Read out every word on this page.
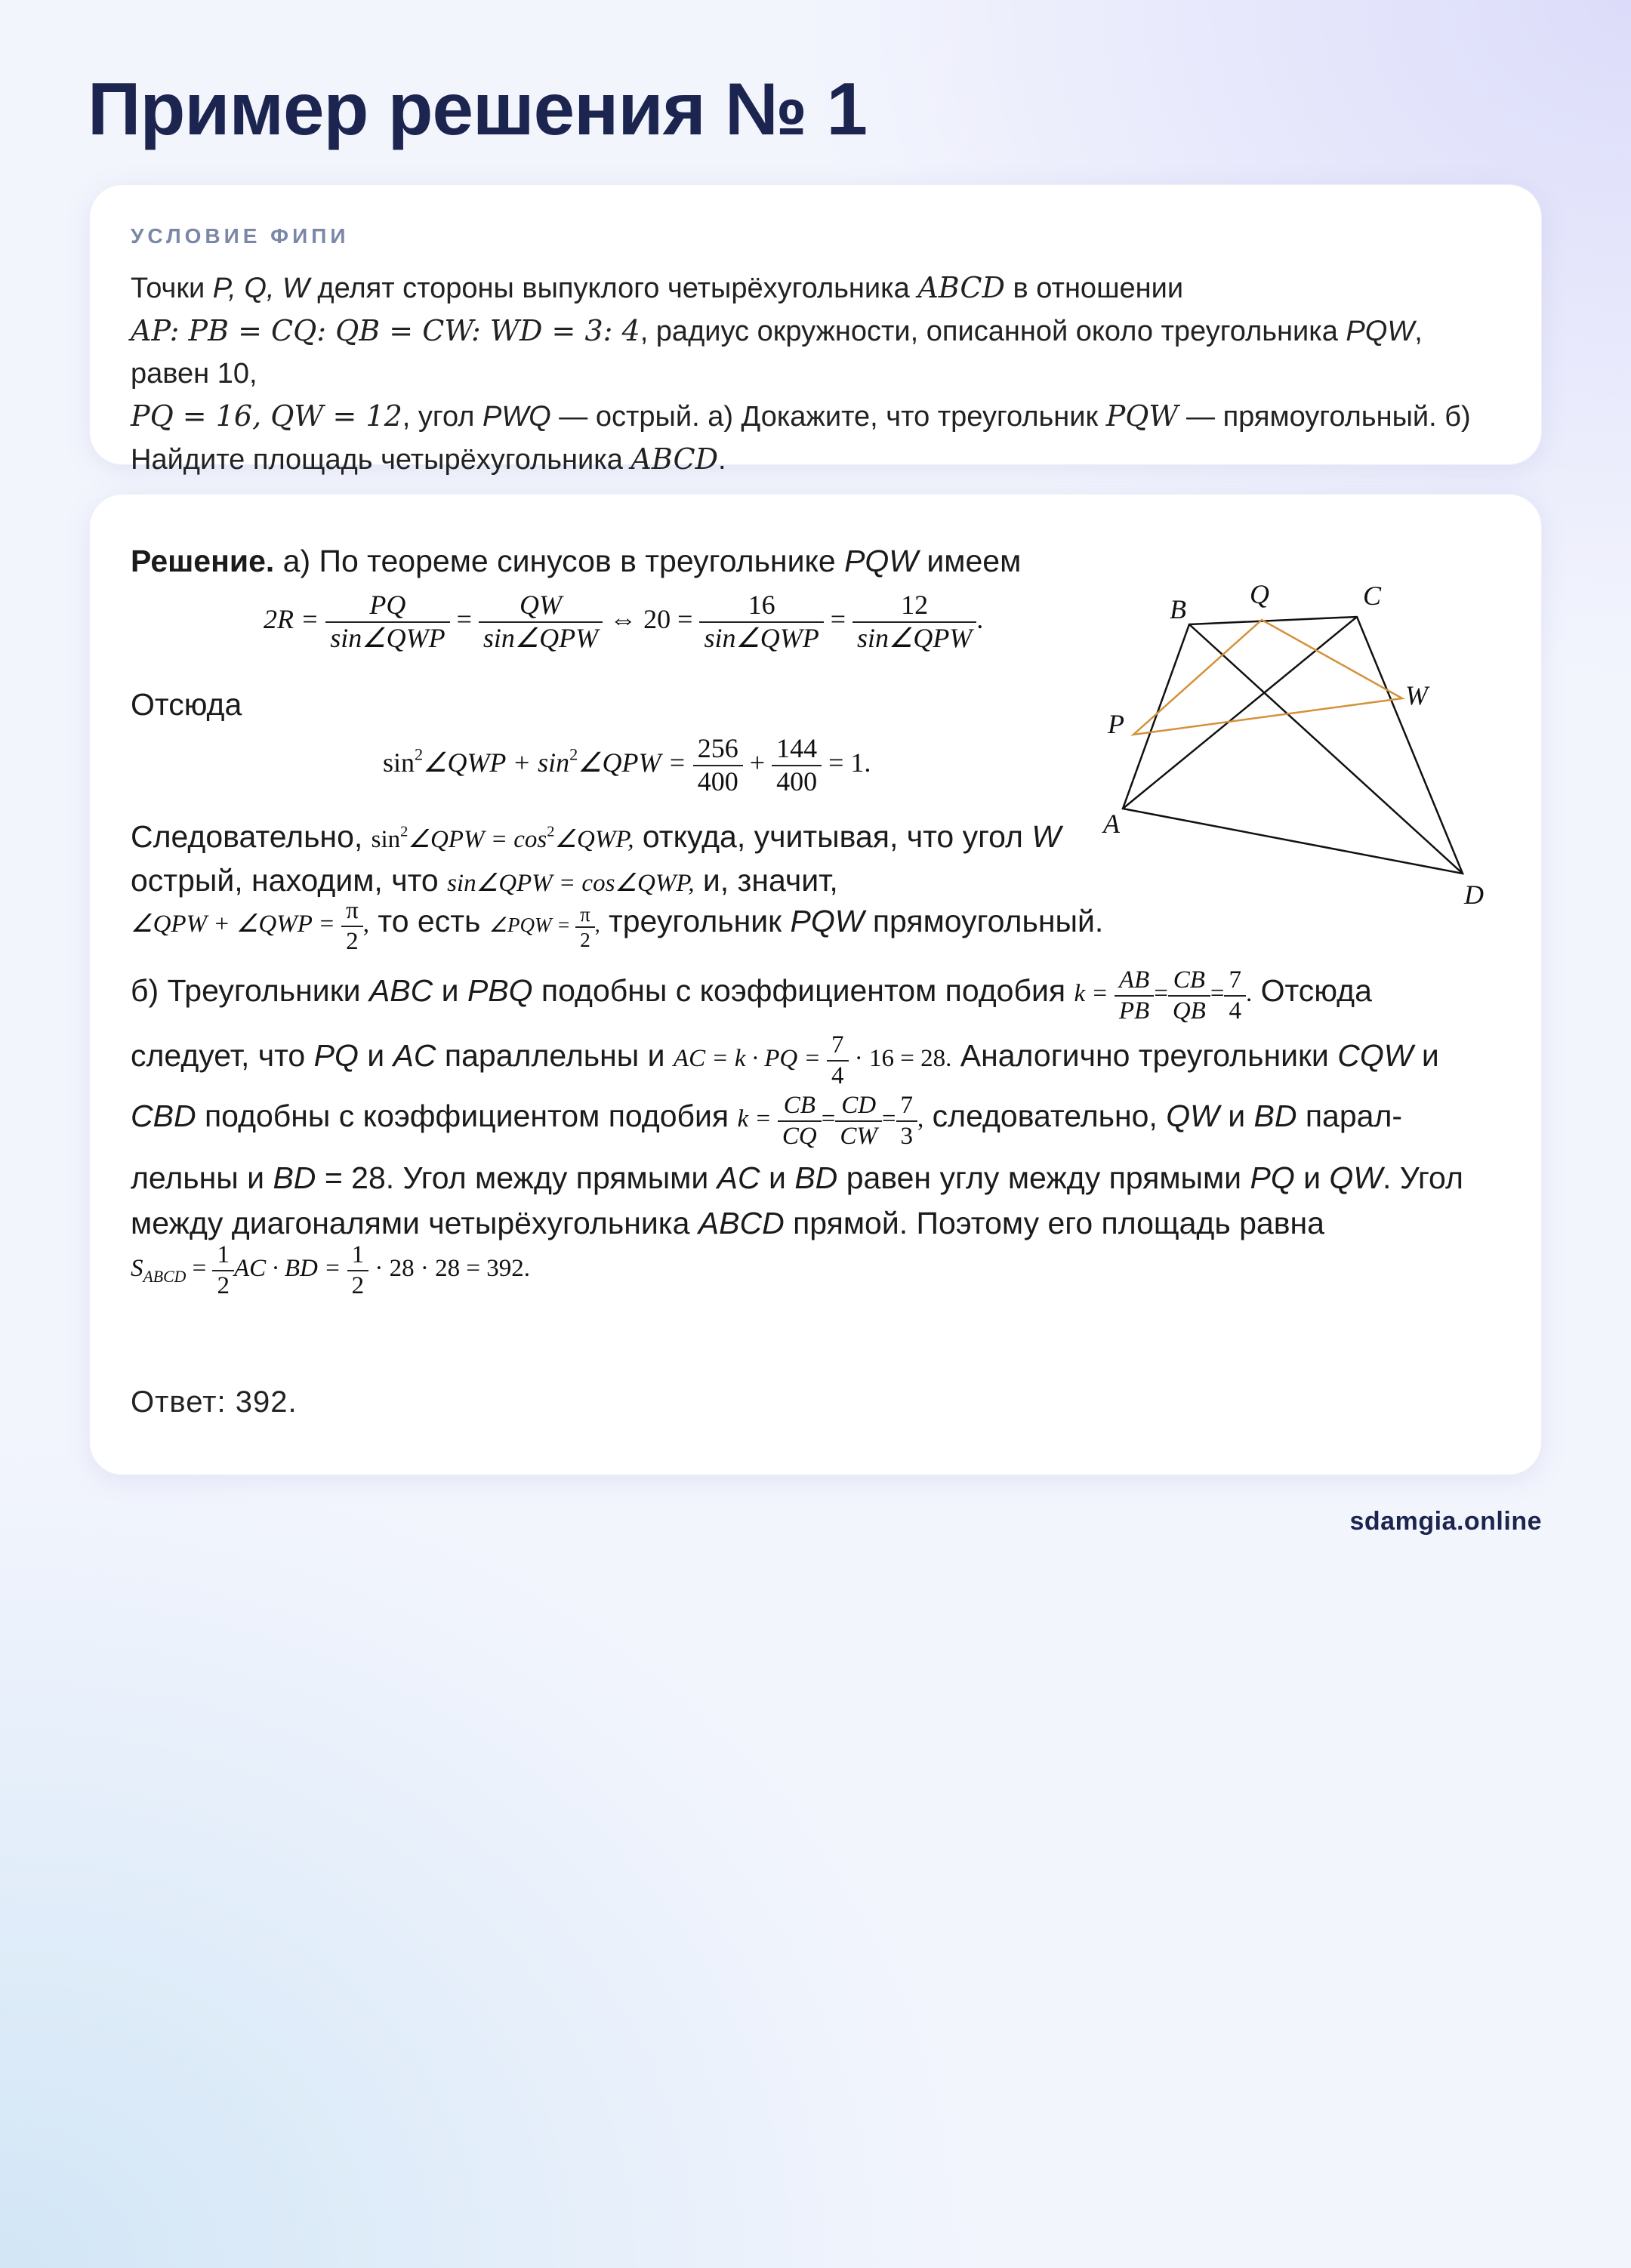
Пример решения № 1
УСЛОВИЕ ФИПИ
Точки P, Q, W делят стороны выпуклого четырёхугольника ABCD в отношении
AP: PB = CQ: QB = CW: WD = 3: 4, радиус окружности, описанной около треугольника PQW, равен 10,
PQ = 16, QW = 12, угол PWQ — острый. а) Докажите, что треугольник PQW — прямоугольный. б)
Найдите площадь четырёхугольника ABCD.
Решение. а) По теореме синусов в треугольнике PQW имеем
$2R = \frac{PQ}{\text{sin∠QWP}} = \frac{QW}{\text{sin∠QPW}}$ ⇔ $20 = \frac{16}{\text{sin∠QWP}} = \frac{12}{\text{sin∠QPW}}$ .
Отсюда
$\sin^2\angle QWP$ + $\sin^2\angle QPW = \frac{256}{400} + \frac{144}{400} = 1$.
Следовательно, $\sin^2\angle QPW$ = $\cos^2\angle QWP$, откуда, учитывая, что угол W
острый, находим, что sin∠QPW = cos∠QWP, и, значит,
∠QPW + ∠QWP = $\frac{\pi}{2}$ , то есть ∠PQW = $\frac{\pi}{2}$ , треугольник PQW прямоугольный.
б) Треугольники ABC и PBQ подобны с коэффициентом подобия $k = \frac{AB}{PB} = \frac{CB}{QB} = \frac{7}{4}$ . Отсюда
следует, что PQ и AC параллельны и AC = k · PQ = $\frac{7}{4} \cdot 16 = 28$. Аналогично треугольники CQW и
CBD подобны с коэффициентом подобия $k = \frac{CB}{CQ} = \frac{CD}{CW} = \frac{7}{3}$ , следовательно, QW и BD парал-
лельны и BD = 28. Угол между прямыми AC и BD равен углу между прямыми PQ и QW. Угол
между диагоналями четырёхугольника ABCD прямой. Поэтому его площадь равна
$S_{ABCD} = \frac{1}{2}$ AC · BD = $\frac{1}{2} \cdot 28 \cdot 28 = 392$.
Ответ: 392.
A
B	C
D
P
Q
W
sdamgia.online
